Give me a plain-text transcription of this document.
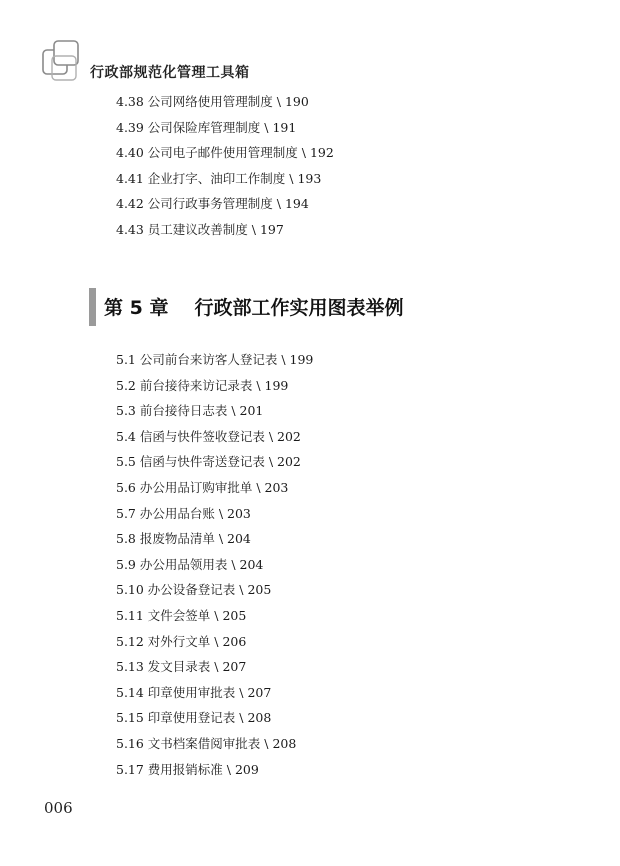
行政部规范化管理工具箱
4.38 公司网络使用管理制度 \ 190
4.39 公司保险库管理制度 \ 191
4.40 公司电子邮件使用管理制度 \ 192
4.41 企业打字、油印工作制度 \ 193
4.42 公司行政事务管理制度 \ 194
4.43 员工建议改善制度 \ 197
第 5 章 行政部工作实用图表举例
5.1 公司前台来访客人登记表 \ 199
5.2 前台接待来访记录表 \ 199
5.3 前台接待日志表 \ 201
5.4 信函与快件签收登记表 \ 202
5.5 信函与快件寄送登记表 \ 202
5.6 办公用品订购审批单 \ 203
5.7 办公用品台账 \ 203
5.8 报废物品清单 \ 204
5.9 办公用品领用表 \ 204
5.10 办公设备登记表 \ 205
5.11 文件会签单 \ 205
5.12 对外行文单 \ 206
5.13 发文目录表 \ 207
5.14 印章使用审批表 \ 207
5.15 印章使用登记表 \ 208
5.16 文书档案借阅审批表 \ 208
5.17 费用报销标准 \ 209
006
